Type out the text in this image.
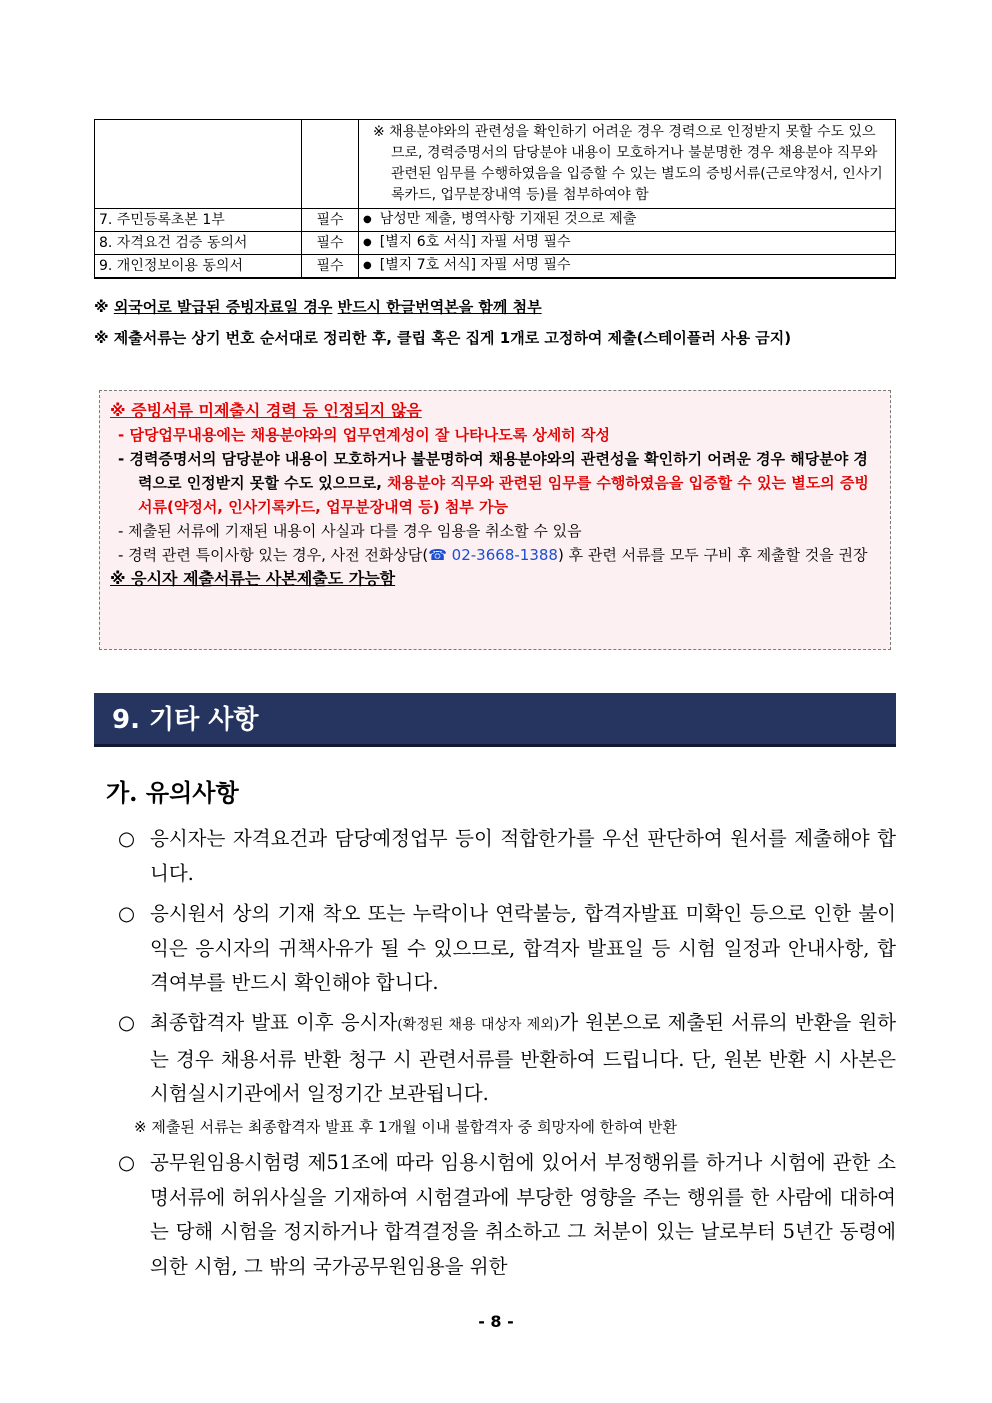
		※ 채용분야와의 관련성을 확인하기 어려운 경우 경력으로 인정받지 못할 수도 있으므로, 경력증명서의 담당분야 내용이 모호하거나 불분명한 경우 채용분야 직무와 관련된 임무를 수행하였음을 입증할 수 있는 별도의 증빙서류(근로약정서, 인사기록카드, 업무분장내역 등)를 첨부하여야 함

7. 주민등록초본 1부	필수	●남성만 제출, 병역사항 기재된 것으로 제출
8. 자격요건 검증 동의서	필수	●[별지 6호 서식] 자필 서명 필수
9. 개인정보이용 동의서	필수	●[별지 7호 서식] 자필 서명 필수
※ 외국어로 발급된 증빙자료일 경우 반드시 한글번역본을 함께 첨부
※ 제출서류는 상기 번호 순서대로 정리한 후, 클립 혹은 집게 1개로 고정하여 제출(스테이플러 사용 금지)
※ 증빙서류 미제출시 경력 등 인정되지 않음
- 담당업무내용에는 채용분야와의 업무연계성이 잘 나타나도록 상세히 작성
- 경력증명서의 담당분야 내용이 모호하거나 불분명하여 채용분야와의 관련성을 확인하기 어려운 경우 해당분야 경력으로 인정받지 못할 수도 있으므로, 채용분야 직무와 관련된 임무를 수행하였음을 입증할 수 있는 별도의 증빙서류(약정서, 인사기록카드, 업무분장내역 등) 첨부 가능
- 제출된 서류에 기재된 내용이 사실과 다를 경우 임용을 취소할 수 있음
- 경력 관련 특이사항 있는 경우, 사전 전화상담(☎ 02-3668-1388) 후 관련 서류를 모두 구비 후 제출할 것을 권장
※ 응시자 제출서류는 사본제출도 가능함
9. 기타 사항
가. 유의사항
○ 응시자는 자격요건과 담당예정업무 등이 적합한가를 우선 판단하여 원서를 제출해야 합니다.
○ 응시원서 상의 기재 착오 또는 누락이나 연락불능, 합격자발표 미확인 등으로 인한 불이익은 응시자의 귀책사유가 될 수 있으므로, 합격자 발표일 등 시험 일정과 안내사항, 합격여부를 반드시 확인해야 합니다.
○ 최종합격자 발표 이후 응시자(확정된 채용 대상자 제외)가 원본으로 제출된 서류의 반환을 원하는 경우 채용서류 반환 청구 시 관련서류를 반환하여 드립니다. 단, 원본 반환 시 사본은 시험실시기관에서 일정기간 보관됩니다.
※ 제출된 서류는 최종합격자 발표 후 1개월 이내 불합격자 중 희망자에 한하여 반환
○ 공무원임용시험령 제51조에 따라 임용시험에 있어서 부정행위를 하거나 시험에 관한 소명서류에 허위사실을 기재하여 시험결과에 부당한 영향을 주는 행위를 한 사람에 대하여는 당해 시험을 정지하거나 합격결정을 취소하고 그 처분이 있는 날로부터 5년간 동령에 의한 시험, 그 밖의 국가공무원임용을 위한
- 8 -
